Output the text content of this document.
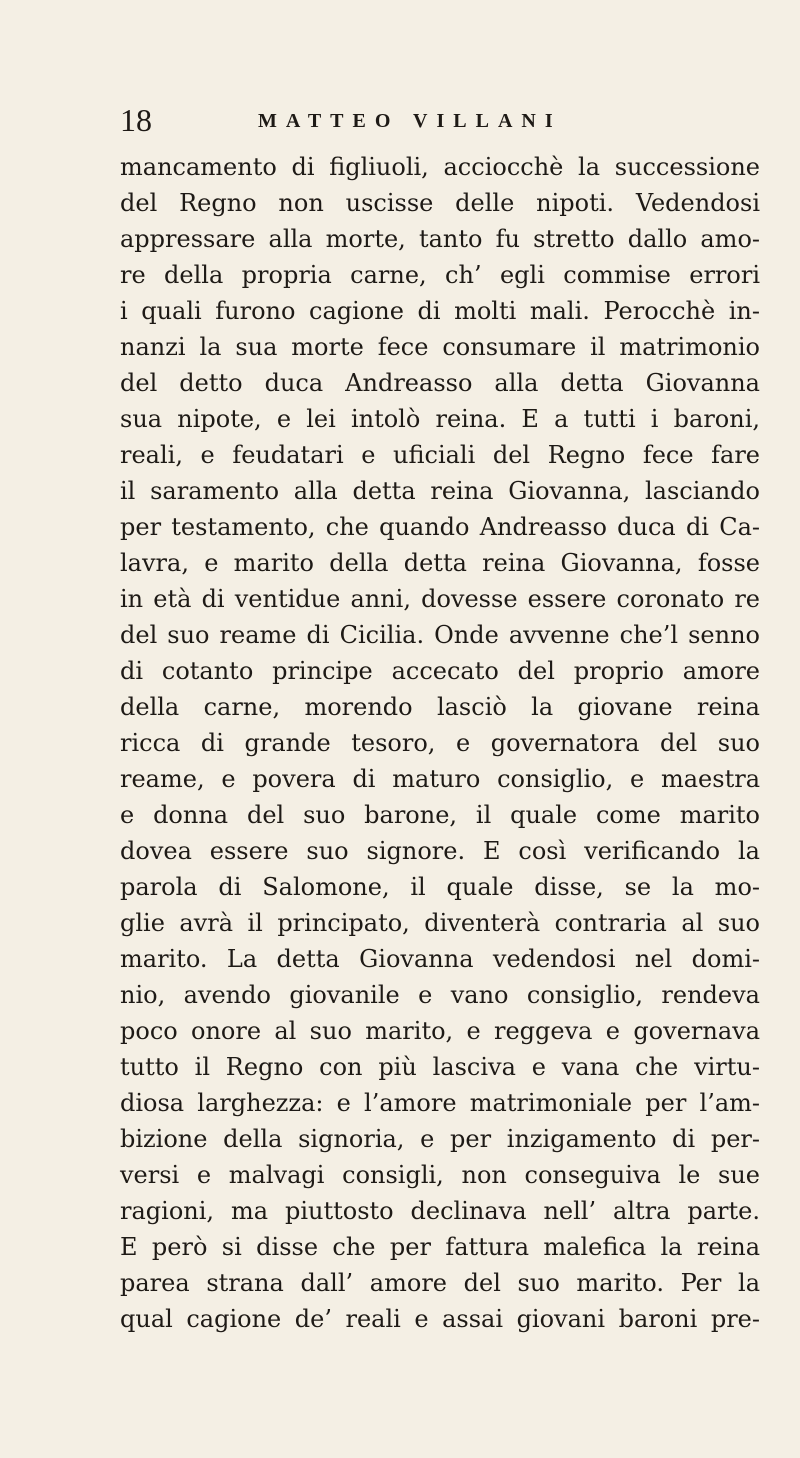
18	MATTEO VILLANI
mancamento di figliuoli, acciocchè la successione
del Regno non uscisse delle nipoti. Vedendosi
appressare alla morte, tanto fu stretto dallo amo-
re della propria carne, ch’ egli commise errori
i quali furono cagione di molti mali. Perocchè in-
nanzi la sua morte fece consumare il matrimonio
del detto duca Andreasso alla detta Giovanna
sua nipote, e lei intolò reina. E a tutti i baroni,
reali, e feudatari e uficiali del Regno fece fare
il saramento alla detta reina Giovanna, lasciando
per testamento, che quando Andreasso duca di Ca-
lavra, e marito della detta reina Giovanna, fosse
in età di ventidue anni, dovesse essere coronato re
del suo reame di Cicilia. Onde avvenne che’l senno
di cotanto principe accecato del proprio amore
della carne, morendo lasciò la giovane reina
ricca di grande tesoro, e governatora del suo
reame, e povera di maturo consiglio, e maestra
e donna del suo barone, il quale come marito
dovea essere suo signore. E così verificando la
parola di Salomone, il quale disse, se la mo-
glie avrà il principato, diventerà contraria al suo
marito. La detta Giovanna vedendosi nel domi-
nio, avendo giovanile e vano consiglio, rendeva
poco onore al suo marito, e reggeva e governava
tutto il Regno con più lasciva e vana che virtu-
diosa larghezza: e l’amore matrimoniale per l’am-
bizione della signoria, e per inzigamento di per-
versi e malvagi consigli, non conseguiva le sue
ragioni, ma piuttosto declinava nell’ altra parte.
E però si disse che per fattura malefica la reina
parea strana dall’ amore del suo marito. Per la
qual cagione de’ reali e assai giovani baroni pre-
